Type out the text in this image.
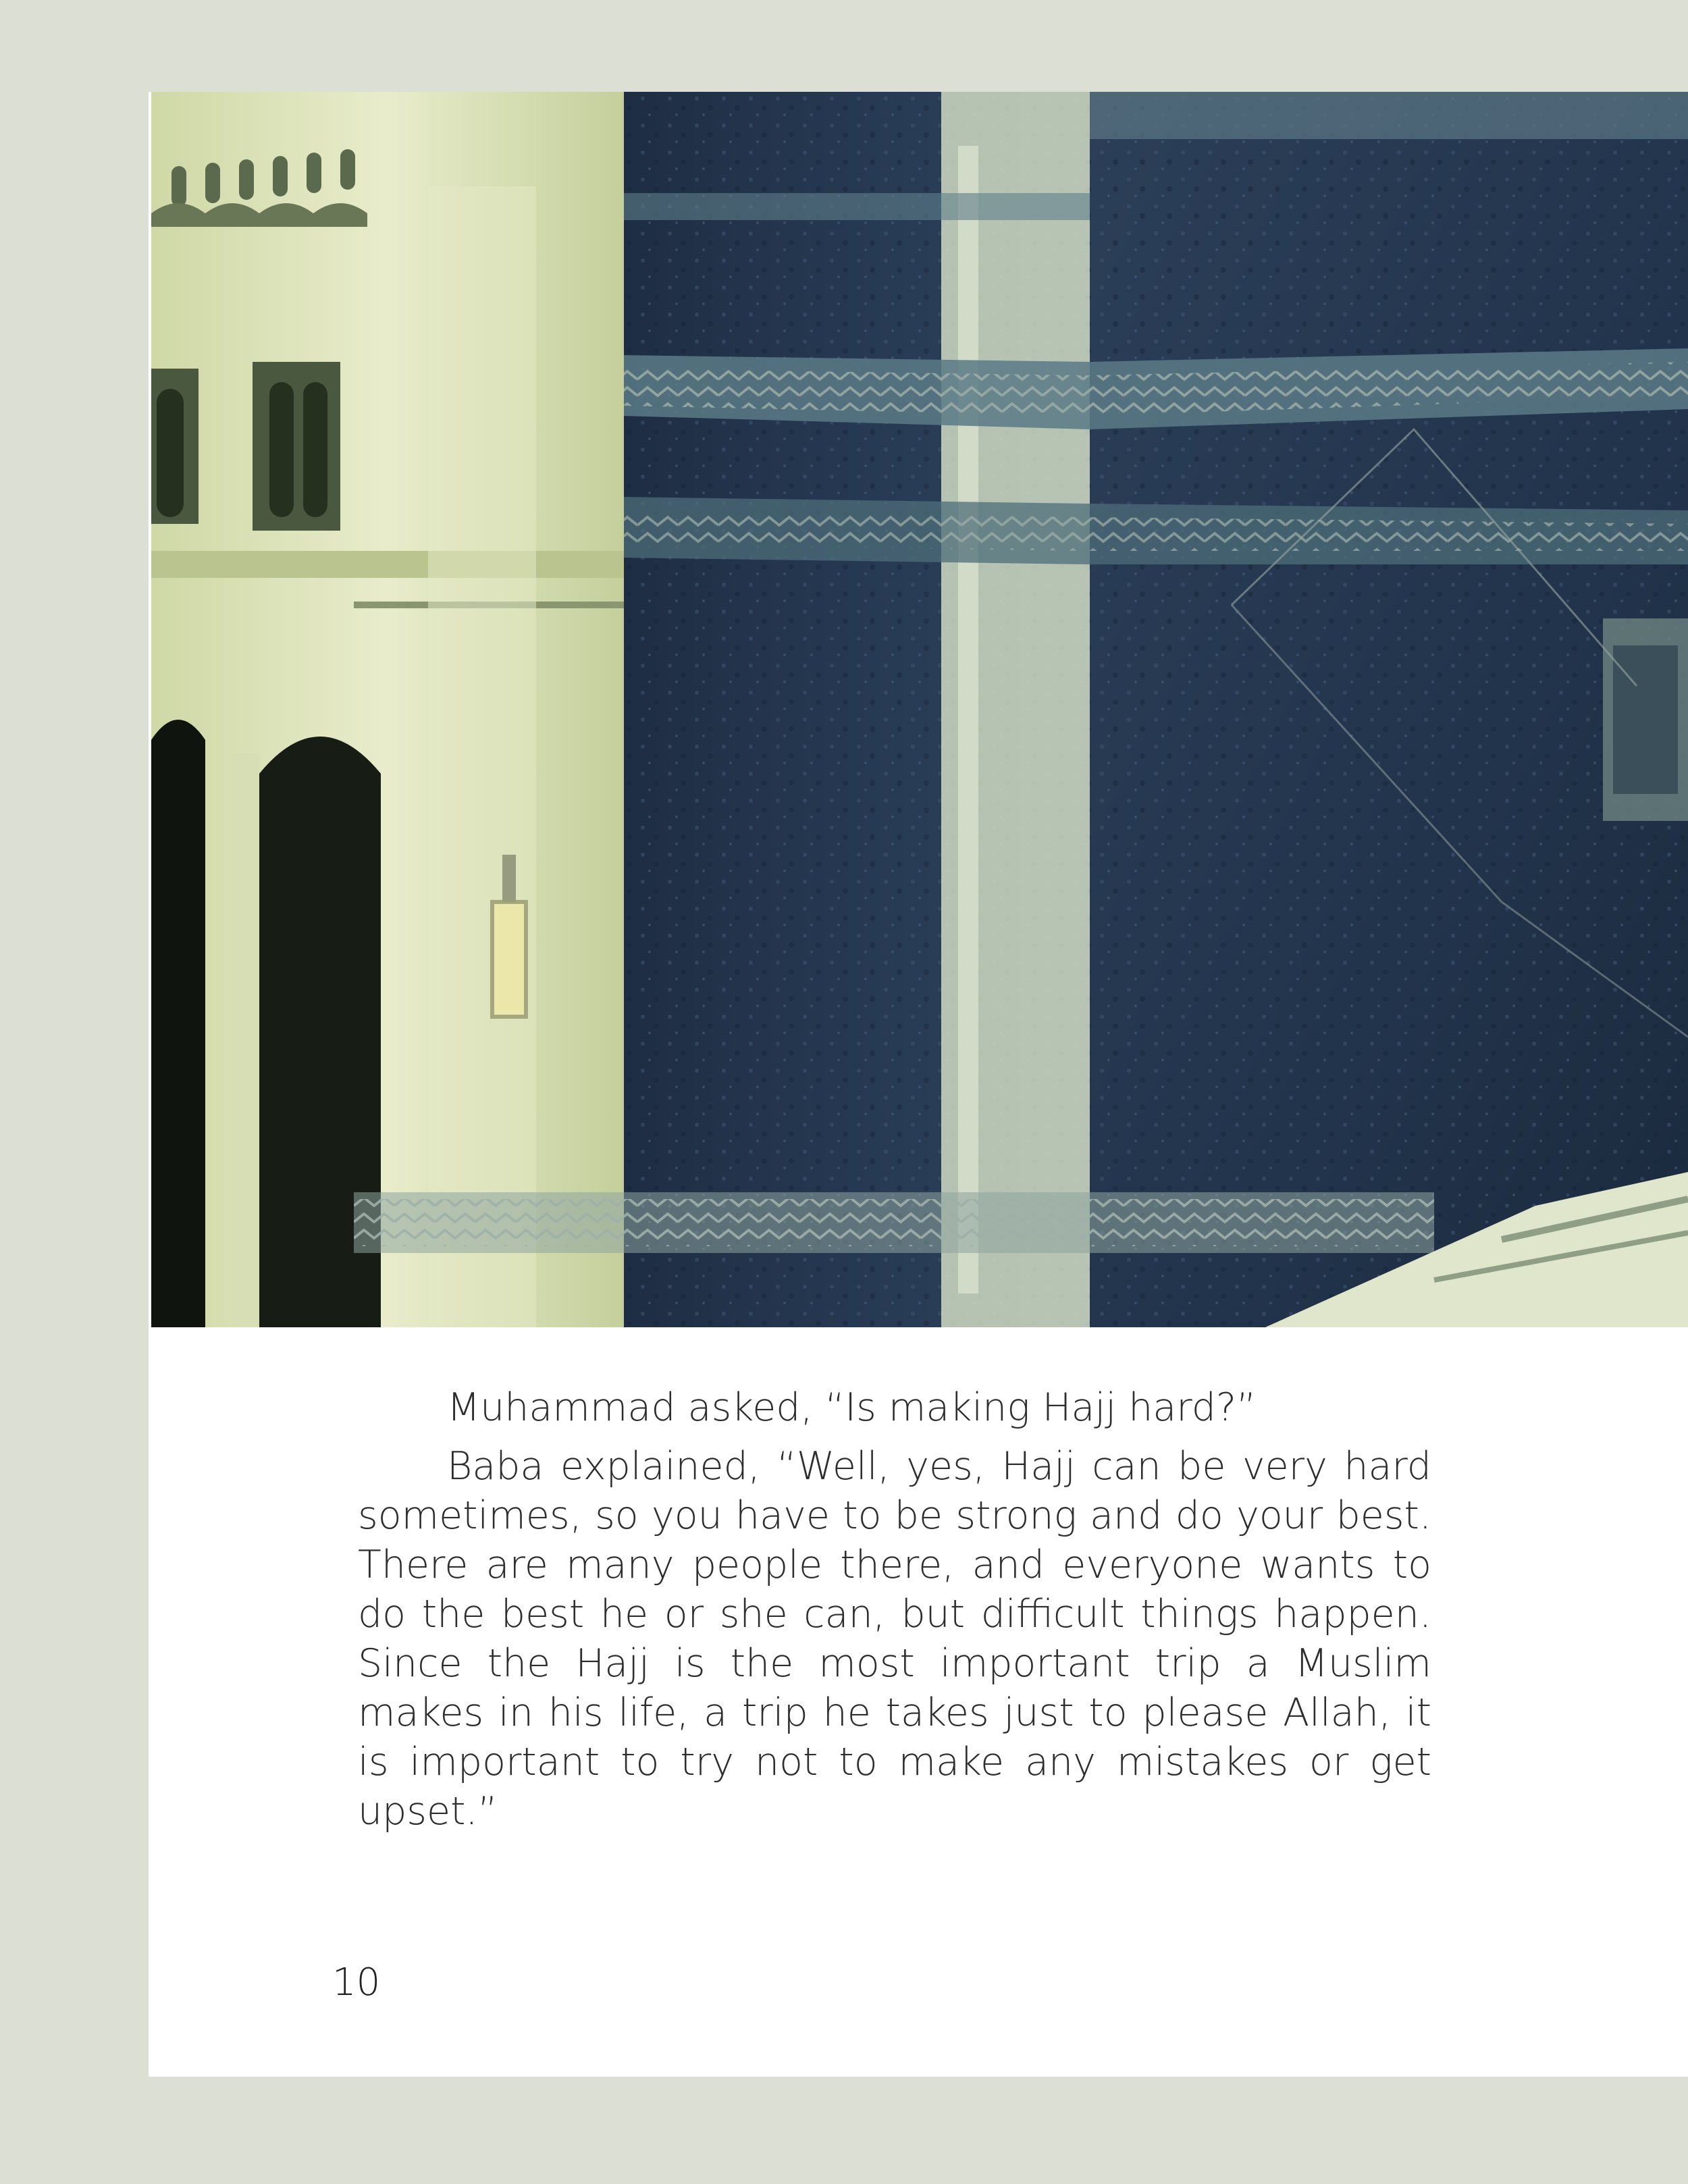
Muhammad asked, “Is making Hajj hard?”

Baba explained, “Well, yes, Hajj can be very hard sometimes, so you have to be strong and do your best. There are many people there, and everyone wants to do the best he or she can, but difficult things happen. Since the Hajj is the most important trip a Muslim makes in his life, a trip he takes just to please Allah, it is important to try not to make any mistakes or get upset.”

10
